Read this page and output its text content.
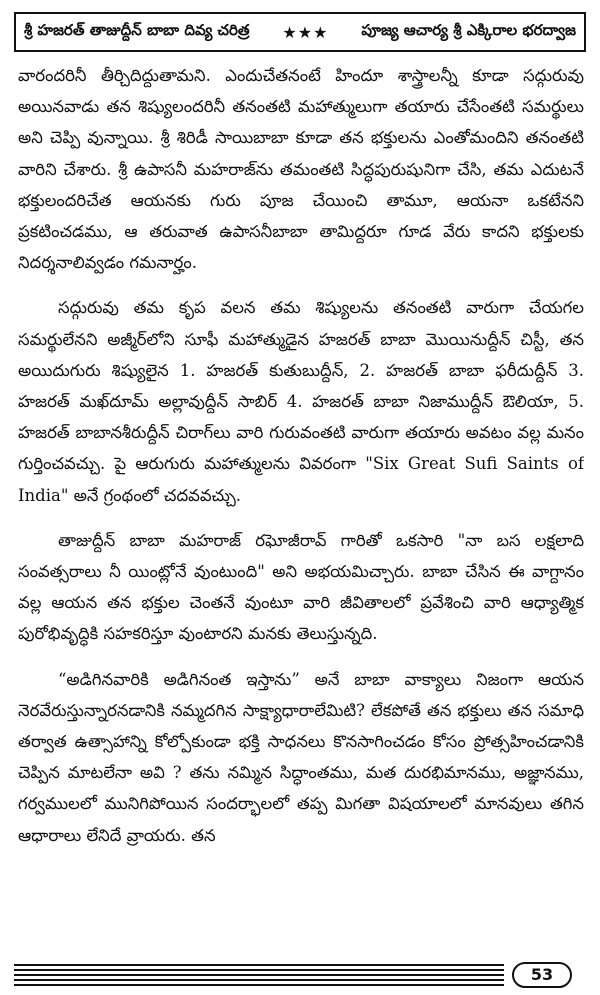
శ్రీ హజరత్ తాజుద్దీన్ బాబా దివ్య చరిత్ర	★★★	పూజ్య ఆచార్య శ్రీ ఎక్కిరాల భరద్వాజ

వారందరినీ తీర్చిదిద్దుతామని. ఎందుచేతనంటే హిందూ శాస్త్రాలన్నీ కూడా సద్గురువు అయినవాడు తన శిష్యులందరినీ తనంతటి మహాత్ములుగా తయారు చేసేంతటి సమర్థులు అని చెప్పి వున్నాయి. శ్రీ శిరిడీ సాయిబాబా కూడా తన భక్తులను ఎంతోమందిని తనంతటి వారిని చేశారు. శ్రీ ఉపాసనీ మహరాజ్‌ను తమంతటి సిద్ధపురుషునిగా చేసి, తమ ఎదుటనే భక్తులందరిచేత ఆయనకు గురు పూజ చేయించి తామూ, ఆయనా ఒకటేనని ప్రకటించడము, ఆ తరువాత ఉపాసనీబాబా తామిద్దరూ గూడ వేరు కాదని భక్తులకు నిదర్శనాలివ్వడం గమనార్హం.

సద్గురువు తమ కృప వలన తమ శిష్యులను తనంతటి వారుగా చేయగల సమర్థులేనని అజ్మీర్‌లోని సూఫీ మహాత్ముడైన హజరత్ బాబా మొయినుద్దీన్ చిస్టీ, తన అయిదుగురు శిష్యులైన 1. హజరత్ కుతుబుద్దీన్, 2. హజరత్ బాబా ఫరీదుద్దీన్ 3. హజరత్ మఖ్‌దూమ్ అల్లావుద్దీన్ సాబిర్ 4. హజరత్ బాబా నిజాముద్దీన్ ఔలియా, 5. హజరత్ బాబానశీరుద్దీన్ చిరాగ్‌లు వారి గురువంతటి వారుగా తయారు అవటం వల్ల మనం గుర్తించవచ్చు. పై ఆరుగురు మహాత్ములను వివరంగా "Six Great Sufi Saints of India" అనే గ్రంథంలో చదవవచ్చు.

తాజుద్దీన్ బాబా మహరాజ్ రఘోజీరావ్ గారితో ఒకసారి "నా బస లక్షలాది సంవత్సరాలు నీ యింట్లోనే వుంటుంది" అని అభయమిచ్చారు. బాబా చేసిన ఈ వాగ్దానం వల్ల ఆయన తన భక్తుల చెంతనే వుంటూ వారి జీవితాలలో ప్రవేశించి వారి ఆధ్యాత్మిక పురోభివృద్ధికి సహకరిస్తూ వుంటారని మనకు తెలుస్తున్నది.

“అడిగినవారికి అడిగినంత ఇస్తాను” అనే బాబా వాక్యాలు నిజంగా ఆయన నెరవేరుస్తున్నారనడానికి నమ్మదగిన సాక్ష్యాధారాలేమిటి? లేకపోతే తన భక్తులు తన సమాధి తర్వాత ఉత్సాహాన్ని కోల్పోకుండా భక్తి సాధనలు కొనసాగించడం కోసం ప్రోత్సహించడానికి చెప్పిన మాటలేనా అవి ? తను నమ్మిన సిద్ధాంతము, మత దురభిమానము, అజ్ఞానము, గర్వములలో మునిగిపోయిన సందర్భాలలో తప్ప మిగతా విషయాలలో మానవులు తగిన ఆధారాలు లేనిదే వ్రాయరు. తన

53
